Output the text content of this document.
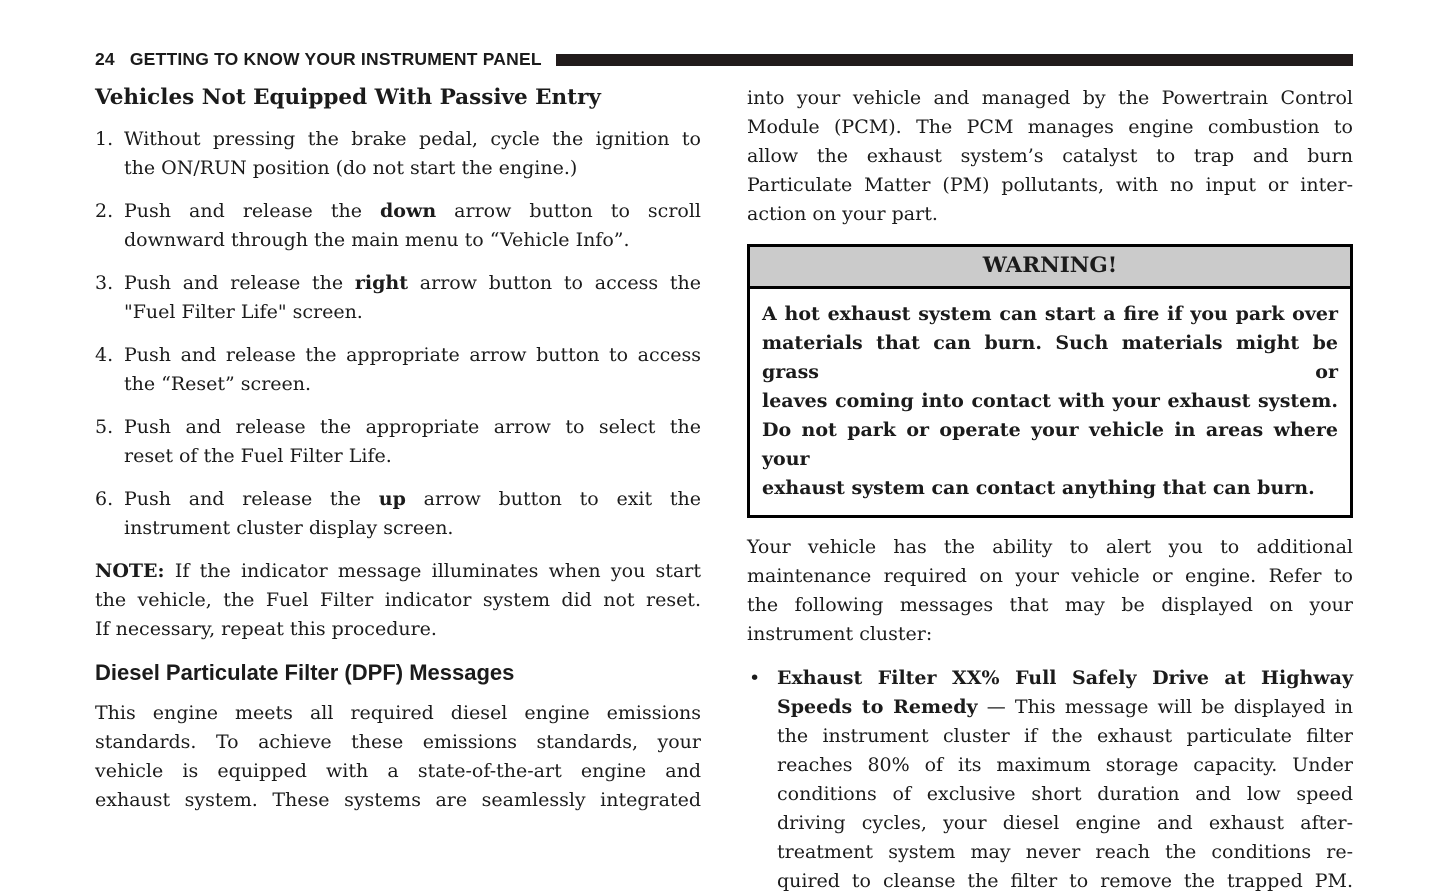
24 GETTING TO KNOW YOUR INSTRUMENT PANEL
Vehicles Not Equipped With Passive Entry
1. Without pressing the brake pedal, cycle the ignition to
the ON/RUN position (do not start the engine.)
2. Push and release the down arrow button to scroll
downward through the main menu to “Vehicle Info”.
3. Push and release the right arrow button to access the
"Fuel Filter Life" screen.
4. Push and release the appropriate arrow button to access
the “Reset” screen.
5. Push and release the appropriate arrow to select the
reset of the Fuel Filter Life.
6. Push and release the up arrow button to exit the
instrument cluster display screen.

NOTE: If the indicator message illuminates when you start
the vehicle, the Fuel Filter indicator system did not reset.
If necessary, repeat this procedure.

Diesel Particulate Filter (DPF) Messages

This engine meets all required diesel engine emissions
standards. To achieve these emissions standards, your
vehicle is equipped with a state-of-the-art engine and
exhaust system. These systems are seamlessly integrated

into your vehicle and managed by the Powertrain Control
Module (PCM). The PCM manages engine combustion to
allow the exhaust system’s catalyst to trap and burn
Particulate Matter (PM) pollutants, with no input or inter-
action on your part.

WARNING!
A hot exhaust system can start a fire if you park over
materials that can burn. Such materials might be grass or
leaves coming into contact with your exhaust system.
Do not park or operate your vehicle in areas where your
exhaust system can contact anything that can burn.

Your vehicle has the ability to alert you to additional
maintenance required on your vehicle or engine. Refer to
the following messages that may be displayed on your
instrument cluster:

• Exhaust Filter XX% Full Safely Drive at Highway
Speeds to Remedy — This message will be displayed in
the instrument cluster if the exhaust particulate filter
reaches 80% of its maximum storage capacity. Under
conditions of exclusive short duration and low speed
driving cycles, your diesel engine and exhaust after-
treatment system may never reach the conditions re-
quired to cleanse the filter to remove the trapped PM.
